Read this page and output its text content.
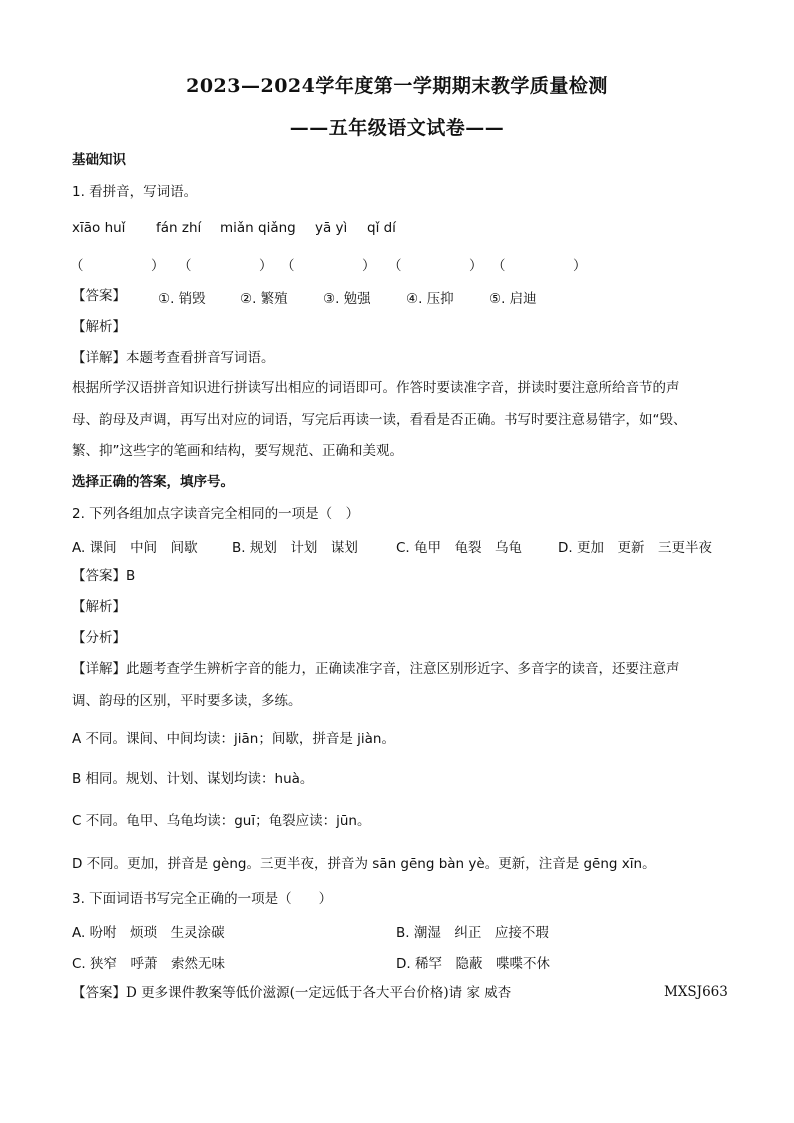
2023—2024学年度第一学期期末教学质量检测
——五年级语文试卷——
基础知识
1. 看拼音，写词语。
xīāo huǐ fán zhí miǎn qiǎng yā yì qǐ dí
（　　　　　） （　　　　　） （　　　　　） （　　　　　） （　　　　　）
【答案】 ①. 销毁	②. 繁殖	③. 勉强	④. 压抑	⑤. 启迪
【解析】
【详解】本题考查看拼音写词语。
根据所学汉语拼音知识进行拼读写出相应的词语即可。作答时要读准字音，拼读时要注意所给音节的声
母、韵母及声调，再写出对应的词语，写完后再读一读，看看是否正确。书写时要注意易错字，如“毁、
繁、抑”这些字的笔画和结构，要写规范、正确和美观。
选择正确的答案，填序号。
2. 下列各组加点字读音完全相同的一项是（　）
A. 课间　中间　间歇	B. 规划　计划　谋划	C. 龟甲　龟裂　乌龟	D. 更加　更新　三更半夜
【答案】B
【解析】
【分析】
【详解】此题考查学生辨析字音的能力，正确读准字音，注意区别形近字、多音字的读音，还要注意声
调、韵母的区别，平时要多读，多练。
A 不同。课间、中间均读：jiān；间歇，拼音是 jiàn。
B 相同。规划、计划、谋划均读：huà。
C 不同。龟甲、乌龟均读：guī；龟裂应读：jūn。
D 不同。更加，拼音是 gèng。三更半夜，拼音为 sān gēng bàn yè。更新，注音是 gēng xīn。
3. 下面词语书写完全正确的一项是（　　）
A. 吩咐　烦琐　生灵涂碳	B. 潮湿　纠正　应接不瑕
C. 狭窄　呼萧　索然无味	D. 稀罕　隐蔽　喋喋不休
【答案】D 更多课件教案等低价滋源(一定远低于各大平台价格)请 家 威杏	MXSJ663
